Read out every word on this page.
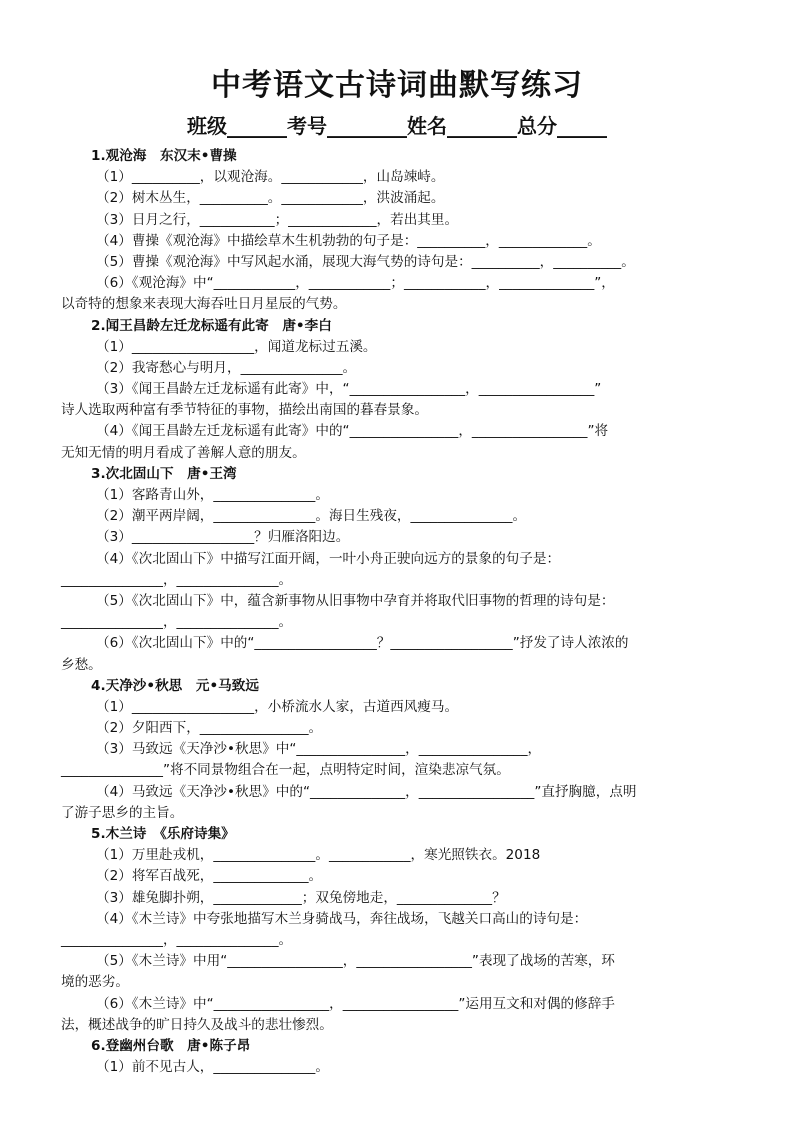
中考语文古诗词曲默写练习
班级______考号________姓名_______总分_____
1.观沧海　东汉末•曹操
（1）__________，以观沧海。____________，山岛竦峙。
（2）树木丛生，__________。____________，洪波涌起。
（3）日月之行，___________；_____________，若出其里。
（4）曹操《观沧海》中描绘草木生机勃勃的句子是：__________，_____________。
（5）曹操《观沧海》中写风起水涌，展现大海气势的诗句是：__________，__________。
（6）《观沧海》中“____________，____________；____________，______________”，
以奇特的想象来表现大海吞吐日月星辰的气势。
2.闻王昌龄左迁龙标遥有此寄　唐•李白
（1）__________________，闻道龙标过五溪。
（2）我寄愁心与明月，_______________。
（3）《闻王昌龄左迁龙标遥有此寄》中，“_________________，_________________”
诗人选取两种富有季节特征的事物，描绘出南国的暮春景象。
（4）《闻王昌龄左迁龙标遥有此寄》中的“________________，_________________”将
无知无情的明月看成了善解人意的朋友。
3.次北固山下　唐•王湾
（1）客路青山外，_______________。
（2）潮平两岸阔，_______________。海日生残夜，_______________。
（3）__________________？归雁洛阳边。
（4）《次北固山下》中描写江面开阔，一叶小舟正驶向远方的景象的句子是：
_______________，_______________。
（5）《次北固山下》中，蕴含新事物从旧事物中孕育并将取代旧事物的哲理的诗句是：
_______________，_______________。
（6）《次北固山下》中的“__________________？__________________”抒发了诗人浓浓的
乡愁。
4.天净沙•秋思　元•马致远
（1）__________________，小桥流水人家，古道西风瘦马。
（2）夕阳西下，________________。
（3）马致远《天净沙•秋思》中“________________，________________，
_______________”将不同景物组合在一起，点明特定时间，渲染悲凉气氛。
（4）马致远《天净沙•秋思》中的“______________，_________________”直抒胸臆，点明
了游子思乡的主旨。
5.木兰诗　《乐府诗集》
（1）万里赴戎机，_______________。____________，寒光照铁衣。2018
（2）将军百战死，______________。
（3）雄兔脚扑朔，_____________；双兔傍地走，______________？
（4）《木兰诗》中夸张地描写木兰身骑战马，奔往战场，飞越关口高山的诗句是：
_______________，_______________。
（5）《木兰诗》中用“_________________，_________________”表现了战场的苦寒，环
境的恶劣。
（6）《木兰诗》中“_________________，_________________”运用互文和对偶的修辞手
法，概述战争的旷日持久及战斗的悲壮惨烈。
6.登幽州台歌　唐•陈子昂
（1）前不见古人，_______________。
